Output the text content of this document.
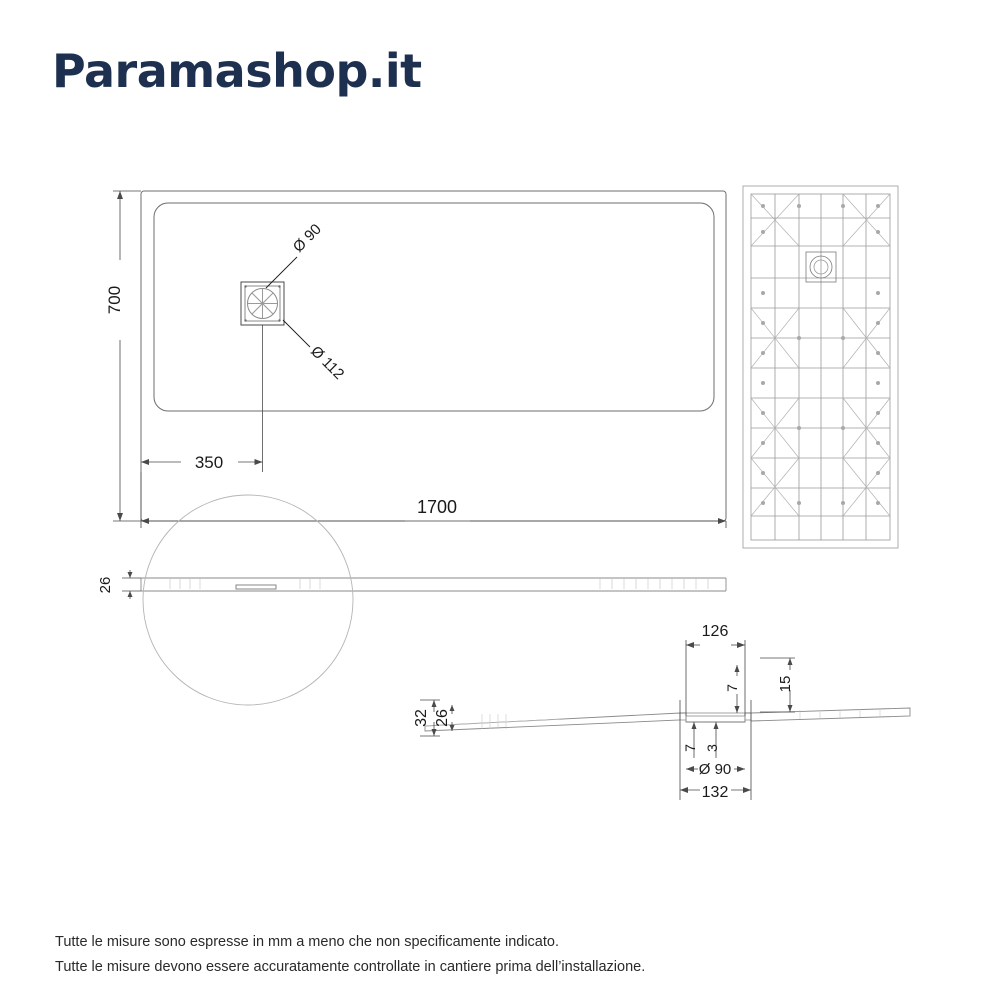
Paramashop.it
Ø 90
Ø 112
700
350
1700
26
126
132
Ø 90
15
7
7 3
32 26
Tutte le misure sono espresse in mm a meno che non specificamente indicato.
Tutte le misure devono essere accuratamente controllate in cantiere prima dell’installazione.
